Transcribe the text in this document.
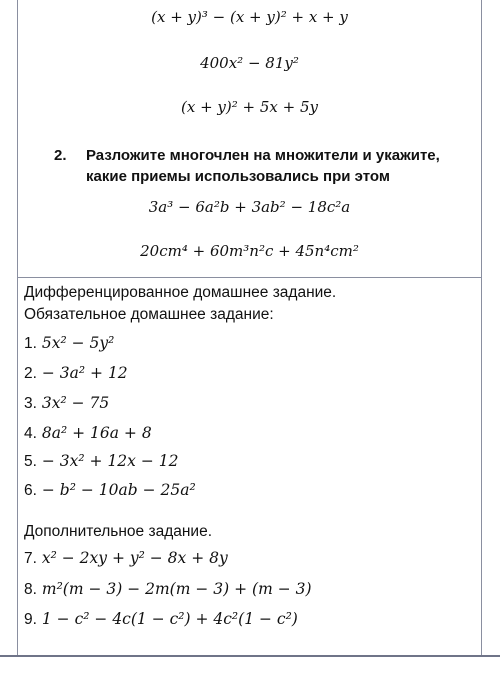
(x + y)³ − (x + y)² + x + y
400x² − 81y²
(x + y)² + 5x + 5y
2. Разложите многочлен на множители и укажите,
какие приемы использовались при этом
3a³ − 6a²b + 3ab² − 18c²a
20cm⁴ + 60m³n²c + 45n⁴cm²
Дифференцированное домашнее задание.
Обязательное домашнее задание:
1. 5x² − 5y²
2. − 3a² + 12
3. 3x² − 75
4. 8a² + 16a + 8
5. − 3x² + 12x − 12
6. − b² − 10ab − 25a²
Дополнительное задание.
7. x² − 2xy + y² − 8x + 8y
8. m²(m − 3) − 2m(m − 3) + (m − 3)
9. 1 − c² − 4c(1 − c²) + 4c²(1 − c²)
